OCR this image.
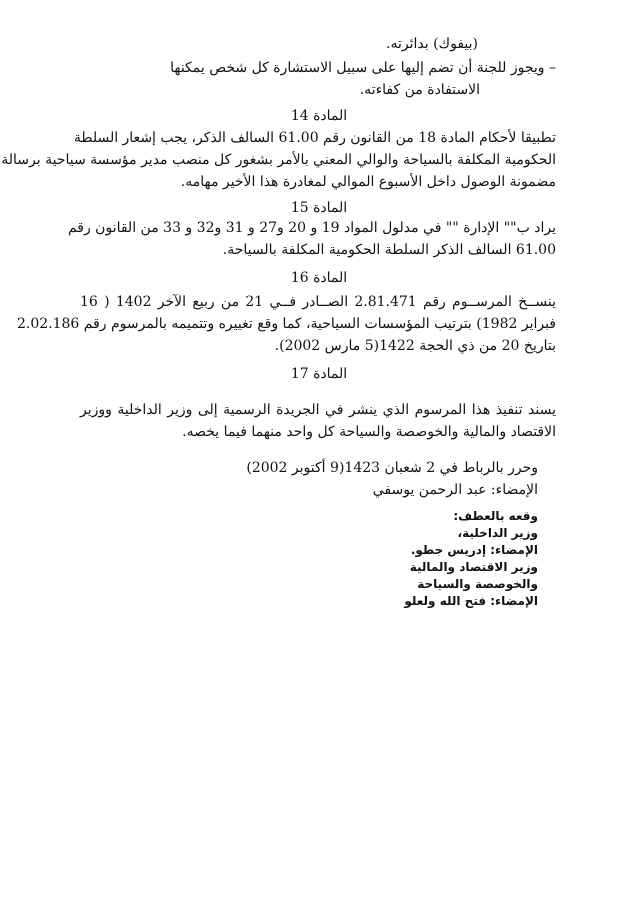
(بيفوك) بدائرته.
– ويجوز للجنة أن تضم إليها على سبيل الاستشارة كل شخص يمكنها
الاستفادة من كفاءته.
المادة 14
تطبيقا لأحكام المادة 18 من القانون رقم 61.00 السالف الذكر، يجب إشعار السلطة
الحكومية المكلفة بالسياحة والوالي المعني بالأمر بشغور كل منصب مدير مؤسسة سياحية برسالة
مضمونة الوصول داخل الأسبوع الموالي لمغادرة هذا الأخير مهامه.
المادة 15
يراد ب"" الإدارة "" في مدلول المواد 19 و 20 و27 و 31 و32 و 33 من القانون رقم
61.00 السالف الذكر السلطة الحكومية المكلفة بالسياحة.
المادة 16
ينســخ المرســوم رقم 2.81.471 الصــادر فــي 21 من ربيع الآخر 1402 ( 16
فبراير 1982) بترتيب المؤسسات السياحية، كما وقع تغييره وتتميمه بالمرسوم رقم 2.02.186
بتاريخ 20 من ذي الحجة 1422(5 مارس 2002).
المادة 17
يسند تنفيذ هذا المرسوم الذي ينشر في الجريدة الرسمية إلى وزير الداخلية ووزير
الاقتصاد والمالية والخوصصة والسياحة كل واحد منهما فيما يخصه.
وحرر بالرباط في 2 شعبان 1423(9 أكتوبر 2002)
الإمضاء: عبد الرحمن يوسفي
وقعه بالعطف:
وزير الداخلية،
الإمضاء: إدريس جطو.
وزير الاقتصاد والمالية
والخوصصة والسياحة
الإمضاء: فتح الله ولعلو
